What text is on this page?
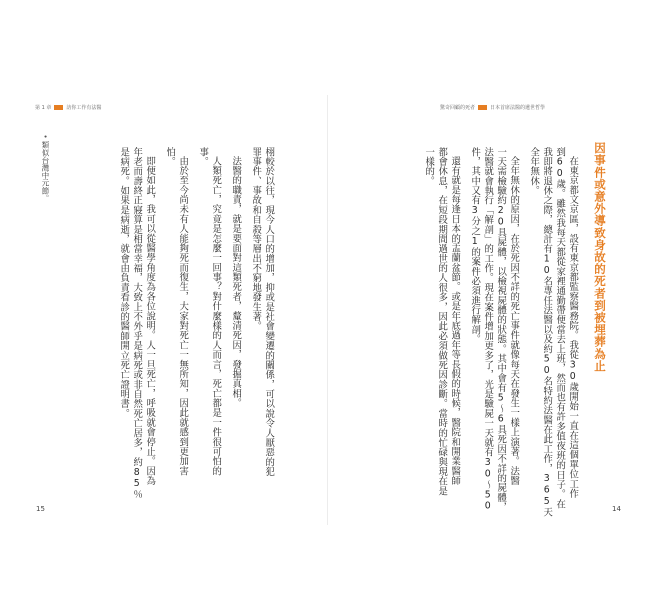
第 1 章	訪你工作有法醫
•類似台灣中元節。	栩較於以往，現今人口的增加，抑或是社會變遷的關係，可以說令人厭惡的犯
罪事件、事故和自殺等層出不窮地發生著。
法醫的職責，就是要面對這類死者，釐清死因，發掘真相。
人類死亡，究竟是怎麼一回事？對什麼樣的人而言，死亡都是一件很可怕的
事。
由於至今尚未有人能夠死而復生，大家對死亡一無所知，因此就感到更加害
怕。
即便如此，我可以從醫學角度為各位說明。人一旦死亡，呼吸就會停止。因為
年老而壽終正寢算是相當幸福，大致上不外乎是病死或非自然死亡居多，約85％
是病死。如果是病逝，就會由負責看診的醫師開立死亡證明書。
15
驚奇回顧的死者	日本首席法醫的遺世哲學
因事件或意外導致身故的死者到被埋葬為止
在東京都文京區，設有東京都監察醫務院。我從30歲開始一直在這個單位工作
到60歲。雖然我每天都從家裡通勤帶便當去上班，然而也有許多值夜班的日子。在
我即將退休之際，總計有10名專任法醫以及約50名特約法醫在此工作，365天
全年無休。
全年無休的原因，在於死因不詳的死亡事件就像每天在發生一樣上演著。法醫
一天需檢驗約20具屍體，以檢視屍體的狀態。其中會有5～6具死因不詳的屍體，
法醫就會執行「解剖」的工作。現在案件增加更多了，光是驗屍一天就有30～50
件，其中又有3分之1的案件必須進行解剖。
還有就是每逢日本的盂蘭盆節。或是年底過年等長假的時候，醫院和開業醫師
都會休息，在短段期間過世的人很多，因此必須做死因診斷。當時的忙碌與現在是
一樣的。
14
